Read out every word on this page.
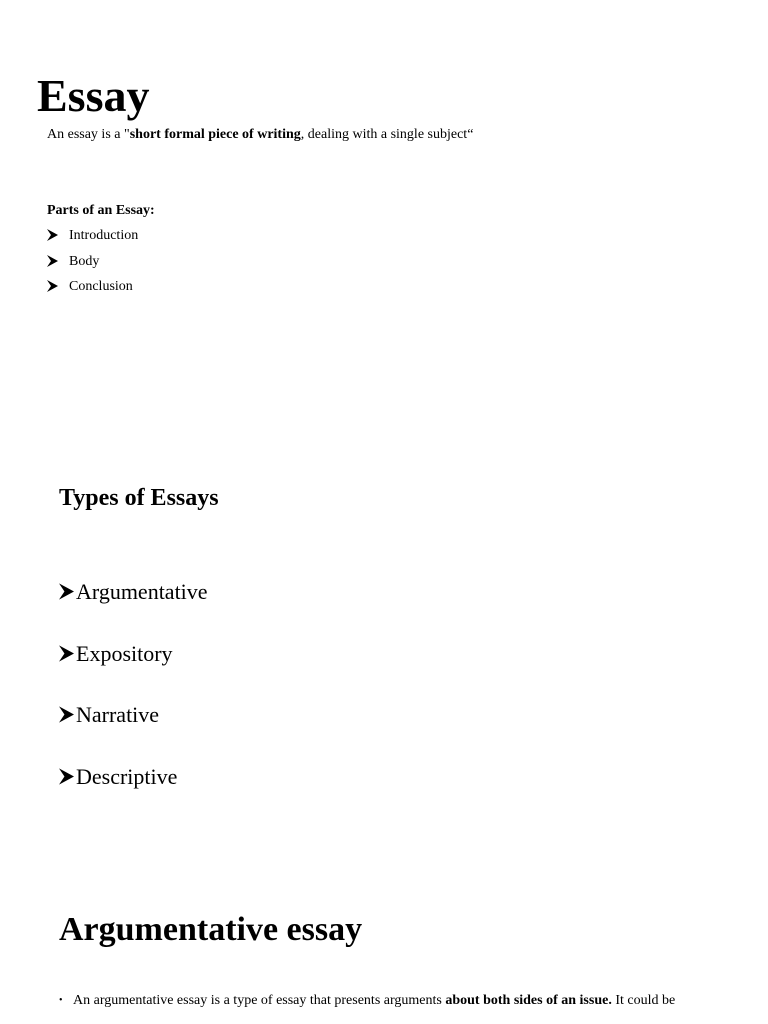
Essay
An essay is a "short formal piece of writing, dealing with a single subject“
Parts of an Essay:
Introduction
Body
Conclusion
Types of Essays
Argumentative
Expository
Narrative
Descriptive
Argumentative essay
• An argumentative essay is a type of essay that presents arguments about both sides of an issue. It could be
